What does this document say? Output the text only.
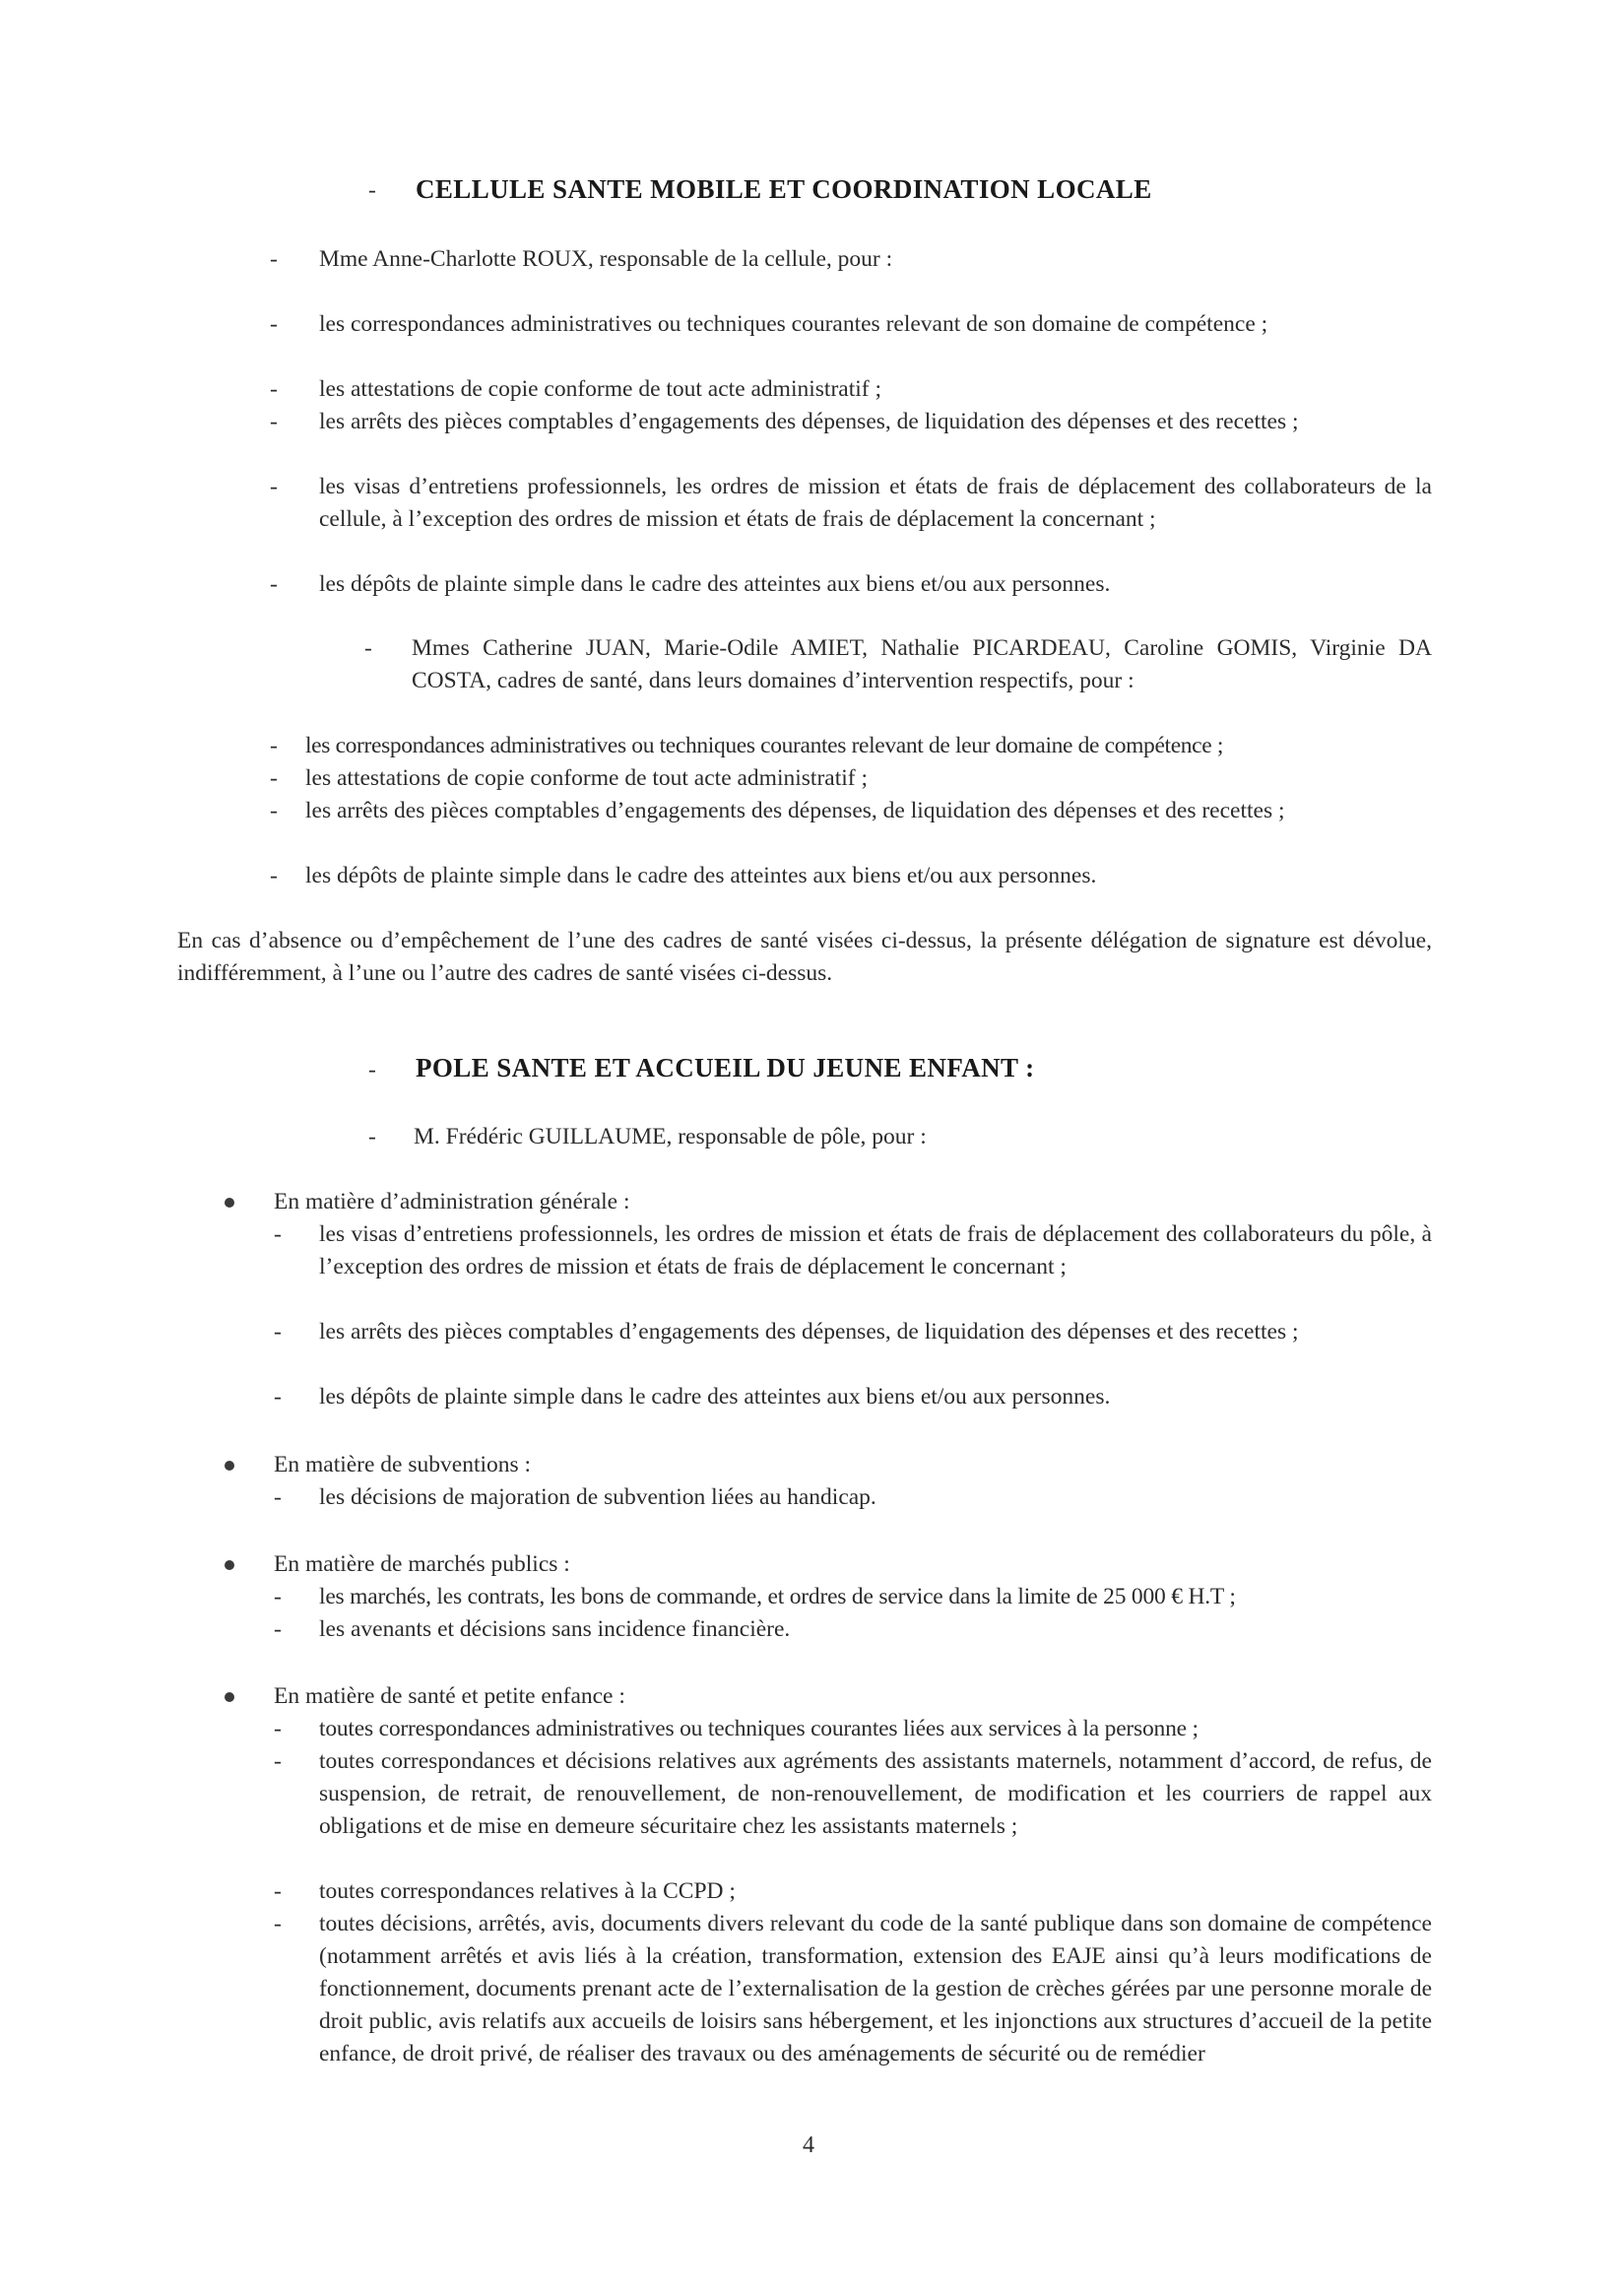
-	CELLULE SANTE MOBILE ET COORDINATION LOCALE
-	Mme Anne-Charlotte ROUX, responsable de la cellule, pour :
-	les correspondances administratives ou techniques courantes relevant de son domaine de compétence ;
-	les attestations de copie conforme de tout acte administratif ;
-	les arrêts des pièces comptables d’engagements des dépenses, de liquidation des dépenses et des recettes ;
-	les visas d’entretiens professionnels, les ordres de mission et états de frais de déplacement des collaborateurs de la cellule, à l’exception des ordres de mission et états de frais de déplacement la concernant ;
-	les dépôts de plainte simple dans le cadre des atteintes aux biens et/ou aux personnes.
-	Mmes Catherine JUAN, Marie-Odile AMIET, Nathalie PICARDEAU, Caroline GOMIS, Virginie DA COSTA, cadres de santé, dans leurs domaines d’intervention respectifs, pour :
-	les correspondances administratives ou techniques courantes relevant de leur domaine de compétence ;
-	les attestations de copie conforme de tout acte administratif ;
-	les arrêts des pièces comptables d’engagements des dépenses, de liquidation des dépenses et des recettes ;
-	les dépôts de plainte simple dans le cadre des atteintes aux biens et/ou aux personnes.
En cas d’absence ou d’empêchement de l’une des cadres de santé visées ci-dessus, la présente délégation de signature est dévolue, indifféremment, à l’une ou l’autre des cadres de santé visées ci-dessus.
-	POLE SANTE ET ACCUEIL DU JEUNE ENFANT :
-	M. Frédéric GUILLAUME, responsable de pôle, pour :
En matière d’administration générale :
-	les visas d’entretiens professionnels, les ordres de mission et états de frais de déplacement des collaborateurs du pôle, à l’exception des ordres de mission et états de frais de déplacement le concernant ;
-	les arrêts des pièces comptables d’engagements des dépenses, de liquidation des dépenses et des recettes ;
-	les dépôts de plainte simple dans le cadre des atteintes aux biens et/ou aux personnes.
En matière de subventions :
-	les décisions de majoration de subvention liées au handicap.
En matière de marchés publics :
-	les marchés, les contrats, les bons de commande, et ordres de service dans la limite de 25 000 € H.T ;
-	les avenants et décisions sans incidence financière.
En matière de santé et petite enfance :
-	toutes correspondances administratives ou techniques courantes liées aux services à la personne ;
-	toutes correspondances et décisions relatives aux agréments des assistants maternels, notamment d’accord, de refus, de suspension, de retrait, de renouvellement, de non-renouvellement, de modification et les courriers de rappel aux obligations et de mise en demeure sécuritaire chez les assistants maternels ;
-	toutes correspondances relatives à la CCPD ;
-	toutes décisions, arrêtés, avis, documents divers relevant du code de la santé publique dans son domaine de compétence (notamment arrêtés et avis liés à la création, transformation, extension des EAJE ainsi qu’à leurs modifications de fonctionnement, documents prenant acte de l’externalisation de la gestion de crèches gérées par une personne morale de droit public, avis relatifs aux accueils de loisirs sans hébergement, et les injonctions aux structures d’accueil de la petite enfance, de droit privé, de réaliser des travaux ou des aménagements de sécurité ou de remédier
4
